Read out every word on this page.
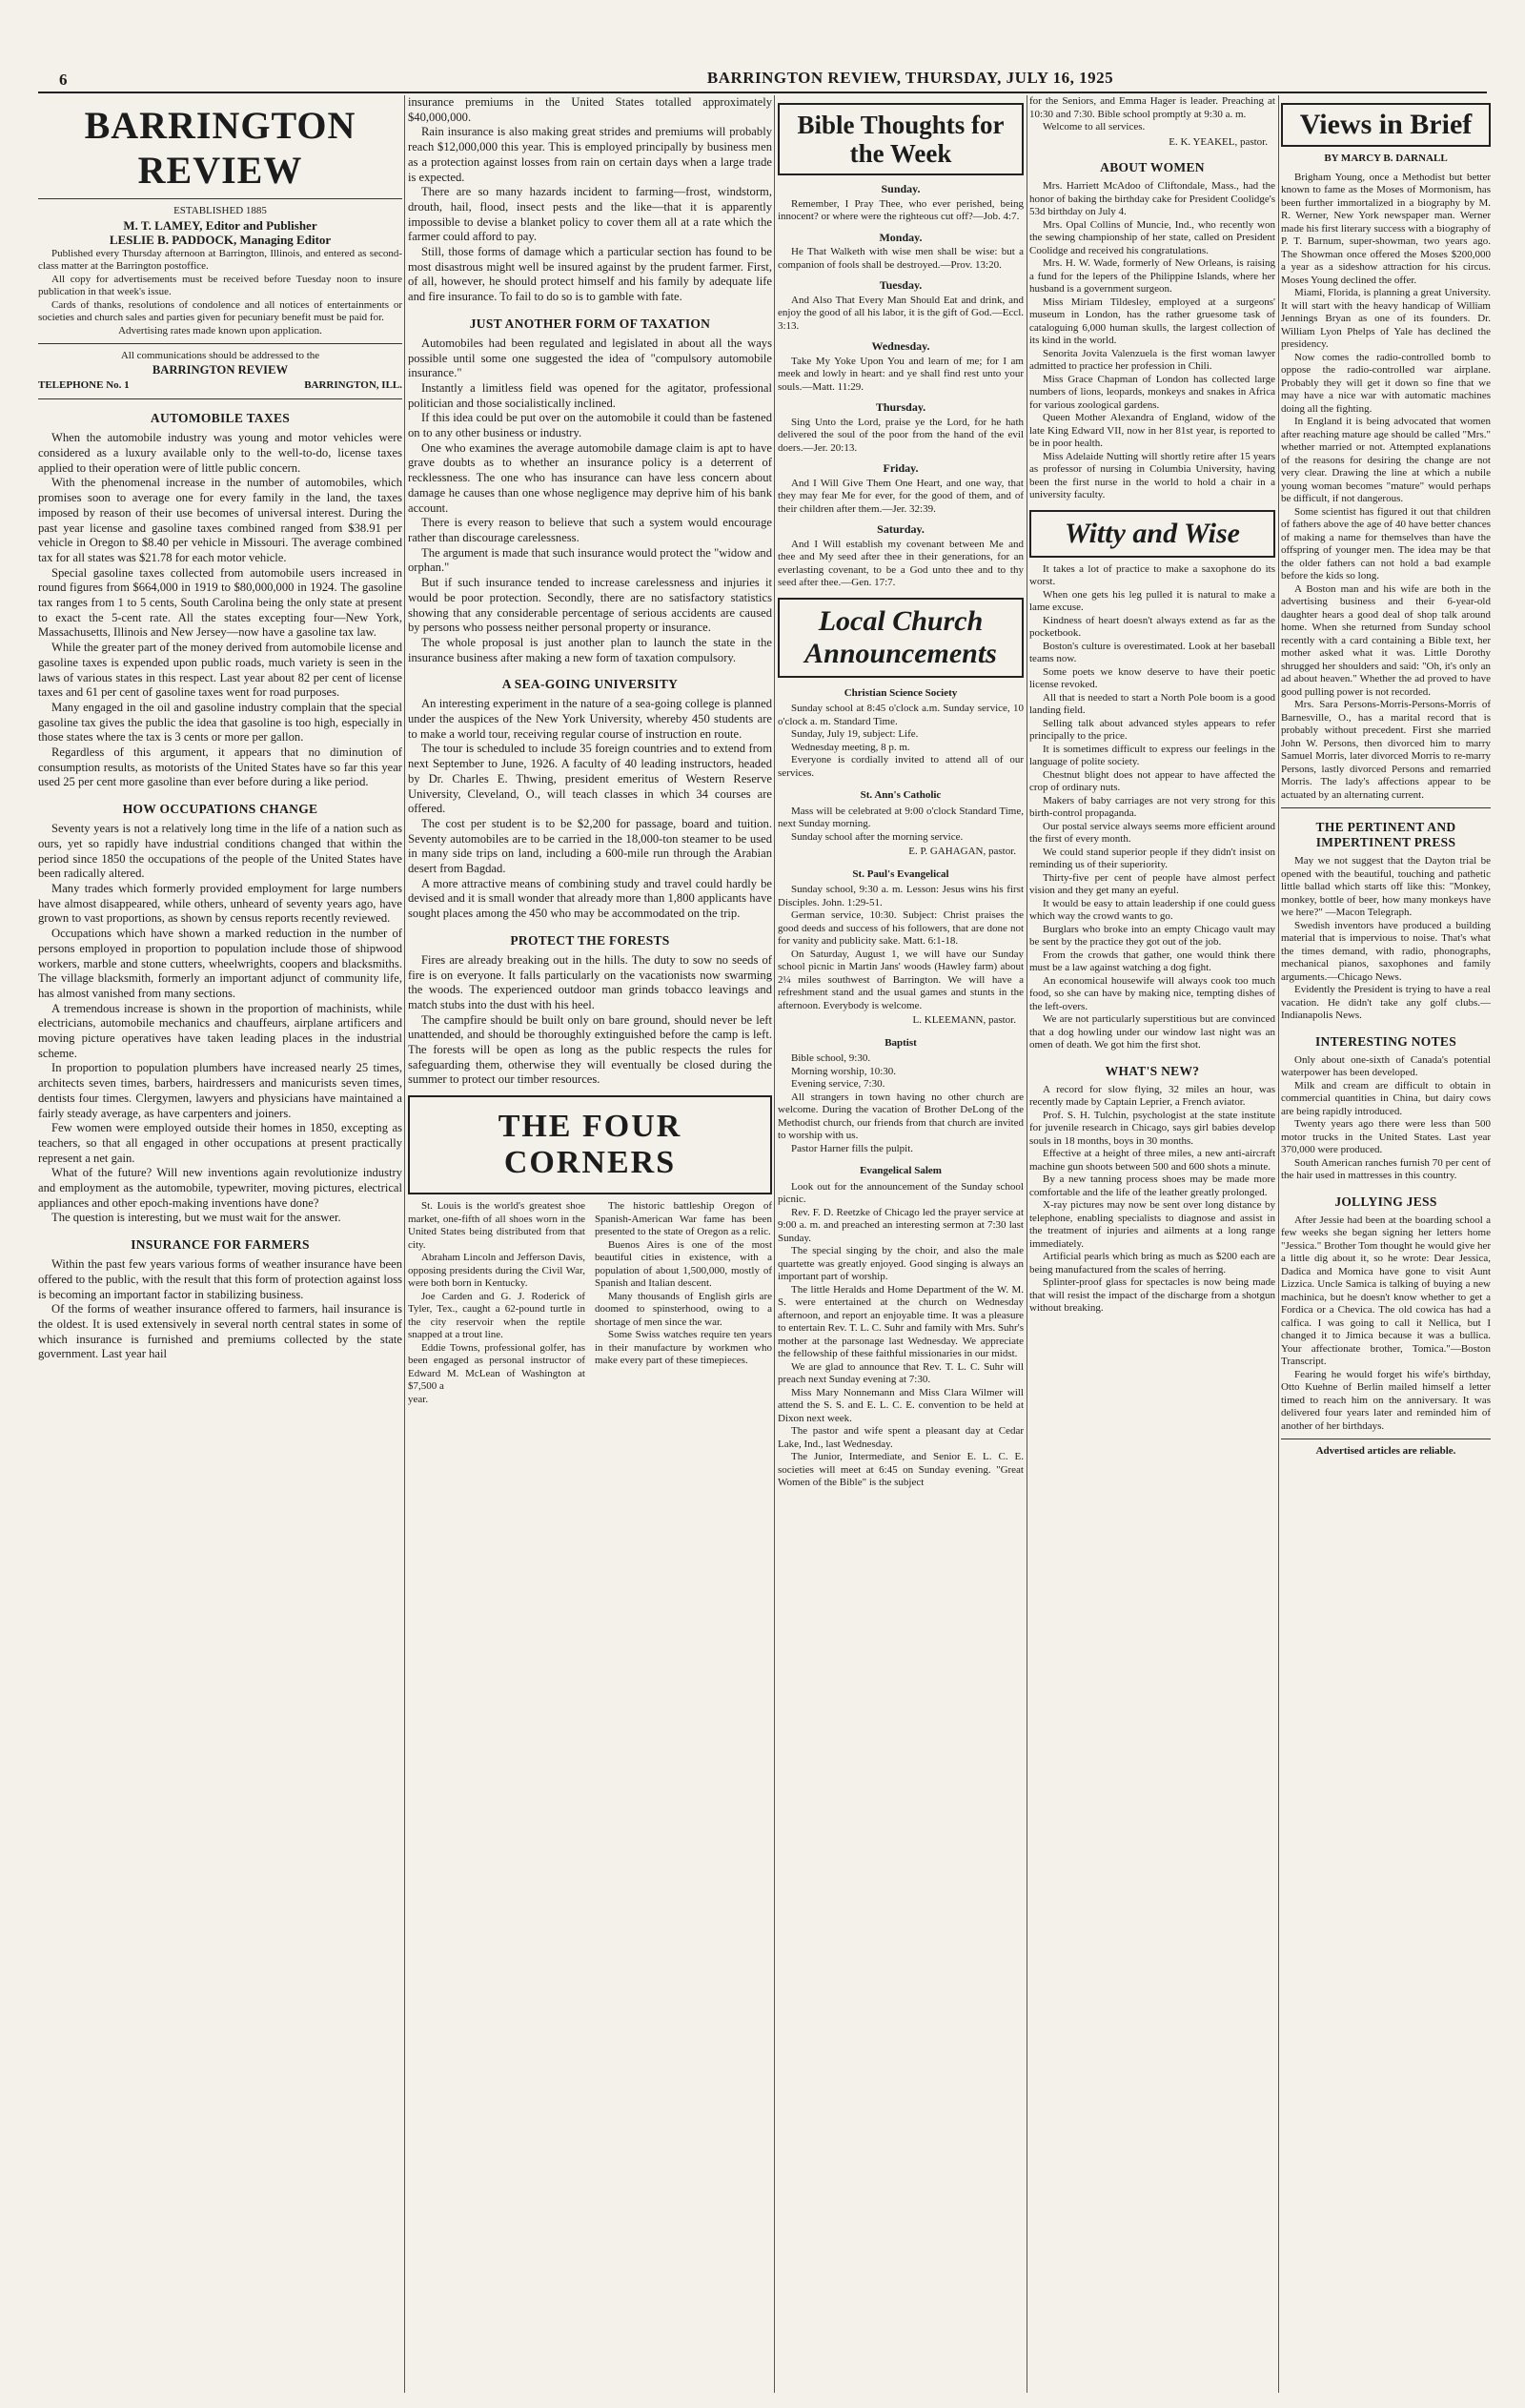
6	BARRINGTON REVIEW, THURSDAY, JULY 16, 1925
BARRINGTON REVIEW
ESTABLISHED 1885
M. T. LAMEY, Editor and Publisher
LESLIE B. PADDOCK, Managing Editor

Published every Thursday afternoon at Barrington, Illinois, and entered as second-class matter at the Barrington postoffice.

All copy for advertisements must be received before Tuesday noon to insure publication in that week's issue.

Cards of thanks, resolutions of condolence and all notices of entertainments or societies and church sales and parties given for pecuniary benefit must be paid for.

Advertising rates made known upon application.
All communications should be addressed to the
BARRINGTON REVIEW
TELEPHONE No. 1	BARRINGTON, ILL.
AUTOMOBILE TAXES

When the automobile industry was young and motor vehicles were considered as a luxury available only to the well-to-do, license taxes applied to their operation were of little public concern.

With the phenomenal increase in the number of automobiles, which promises soon to average one for every family in the land, the taxes imposed by reason of their use becomes of universal interest. During the past year license and gasoline taxes combined ranged from $38.91 per vehicle in Oregon to $8.40 per vehicle in Missouri. The average combined tax for all states was $21.78 for each motor vehicle.

Special gasoline taxes collected from automobile users increased in round figures from $664,000 in 1919 to $80,000,000 in 1924. The gasoline tax ranges from 1 to 5 cents, South Carolina being the only state at present to exact the 5-cent rate. All the states excepting four—New York, Massachusetts, Illinois and New Jersey—now have a gasoline tax law.

While the greater part of the money derived from automobile license and gasoline taxes is expended upon public roads, much variety is seen in the laws of various states in this respect. Last year about 82 per cent of license taxes and 61 per cent of gasoline taxes went for road purposes.

Many engaged in the oil and gasoline industry complain that the special gasoline tax gives the public the idea that gasoline is too high, especially in those states where the tax is 3 cents or more per gallon.

Regardless of this argument, it appears that no diminution of consumption results, as motorists of the United States have so far this year used 25 per cent more gasoline than ever before during a like period.

HOW OCCUPATIONS CHANGE

Seventy years is not a relatively long time in the life of a nation such as ours, yet so rapidly have industrial conditions changed that within the period since 1850 the occupations of the people of the United States have been radically altered.

Many trades which formerly provided employment for large numbers have almost disappeared, while others, unheard of seventy years ago, have grown to vast proportions, as shown by census reports recently reviewed.

Occupations which have shown a marked reduction in the number of persons employed in proportion to population include those of shipwood workers, marble and stone cutters, wheelwrights, coopers and blacksmiths. The village blacksmith, formerly an important adjunct of community life, has almost vanished from many sections.

A tremendous increase is shown in the proportion of machinists, while electricians, automobile mechanics and chauffeurs, airplane artificers and moving picture operatives have taken leading places in the industrial scheme.

In proportion to population plumbers have increased nearly 25 times, architects seven times, barbers, hairdressers and manicurists seven times, dentists four times. Clergymen, lawyers and physicians have maintained a fairly steady average, as have carpenters and joiners.

Few women were employed outside their homes in 1850, excepting as teachers, so that all engaged in other occupations at present practically represent a net gain.

What of the future? Will new inventions again revolutionize industry and employment as the automobile, typewriter, moving pictures, electrical appliances and other epoch-making inventions have done?

The question is interesting, but we must wait for the answer.

INSURANCE FOR FARMERS

Within the past few years various forms of weather insurance have been offered to the public, with the result that this form of protection against loss is becoming an important factor in stabilizing business.

Of the forms of weather insurance offered to farmers, hail insurance is the oldest. It is used extensively in several north central states in some of which insurance is furnished and premiums collected by the state government. Last year hail

insurance premiums in the United States totalled approximately $40,000,000.

Rain insurance is also making great strides and premiums will probably reach $12,000,000 this year. This is employed principally by business men as a protection against losses from rain on certain days when a large trade is expected.

There are so many hazards incident to farming—frost, windstorm, drouth, hail, flood, insect pests and the like—that it is apparently impossible to devise a blanket policy to cover them all at a rate which the farmer could afford to pay.

Still, those forms of damage which a particular section has found to be most disastrous might well be insured against by the prudent farmer. First, of all, however, he should protect himself and his family by adequate life and fire insurance. To fail to do so is to gamble with fate.

JUST ANOTHER FORM OF TAXATION

Automobiles had been regulated and legislated in about all the ways possible until some one suggested the idea of "compulsory automobile insurance."

Instantly a limitless field was opened for the agitator, professional politician and those socialistically inclined.

If this idea could be put over on the automobile it could than be fastened on to any other business or industry.

One who examines the average automobile damage claim is apt to have grave doubts as to whether an insurance policy is a deterrent of recklessness. The one who has insurance can have less concern about damage he causes than one whose negligence may deprive him of his bank account.

There is every reason to believe that such a system would encourage rather than discourage carelessness.

The argument is made that such insurance would protect the "widow and orphan."

But if such insurance tended to increase carelessness and injuries it would be poor protection. Secondly, there are no satisfactory statistics showing that any considerable percentage of serious accidents are caused by persons who possess neither personal property or insurance.

The whole proposal is just another plan to launch the state in the insurance business after making a new form of taxation compulsory.

A SEA-GOING UNIVERSITY

An interesting experiment in the nature of a sea-going college is planned under the auspices of the New York University, whereby 450 students are to make a world tour, receiving regular course of instruction en route.

The tour is scheduled to include 35 foreign countries and to extend from next September to June, 1926. A faculty of 40 leading instructors, headed by Dr. Charles E. Thwing, president emeritus of Western Reserve University, Cleveland, O., will teach classes in which 34 courses are offered.

The cost per student is to be $2,200 for passage, board and tuition. Seventy automobiles are to be carried in the 18,000-ton steamer to be used in many side trips on land, including a 600-mile run through the Arabian desert from Bagdad.

A more attractive means of combining study and travel could hardly be devised and it is small wonder that already more than 1,800 applicants have sought places among the 450 who may be accommodated on the trip.

PROTECT THE FORESTS

Fires are already breaking out in the hills. The duty to sow no seeds of fire is on everyone. It falls particularly on the vacationists now swarming the woods. The experienced outdoor man grinds tobacco leavings and match stubs into the dust with his heel.

The campfire should be built only on bare ground, should never be left unattended, and should be thoroughly extinguished before the camp is left. The forests will be open as long as the public respects the rules for safeguarding them, otherwise they will eventually be closed during the summer to protect our timber resources.

THE FOUR CORNERS

St. Louis is the world's greatest shoe market, one-fifth of all shoes worn in the United States being distributed from that city.

Abraham Lincoln and Jefferson Davis, opposing presidents during the Civil War, were both born in Kentucky.

Joe Carden and G. J. Roderick of Tyler, Tex., caught a 62-pound turtle in the city reservoir when the reptile snapped at a trout line.

Eddie Towns, professional golfer, has been engaged as personal instructor of Edward M. McLean of Washington at $7,500 a

year.

The historic battleship Oregon of Spanish-American War fame has been presented to the state of Oregon as a relic.

Buenos Aires is one of the most beautiful cities in existence, with a population of about 1,500,000, mostly of Spanish and Italian descent.

Many thousands of English girls are doomed to spinsterhood, owing to a shortage of men since the war.

Some Swiss watches require ten years in their manufacture by workmen who make every part of these timepieces.

Bible Thoughts for the Week
Sunday.

Remember, I Pray Thee, who ever perished, being innocent? or where were the righteous cut off?—Job. 4:7.

Monday.

He That Walketh with wise men shall be wise: but a companion of fools shall be destroyed.—Prov. 13:20.

Tuesday.

And Also That Every Man Should Eat and drink, and enjoy the good of all his labor, it is the gift of God.—Eccl. 3:13.

Wednesday.

Take My Yoke Upon You and learn of me; for I am meek and lowly in heart: and ye shall find rest unto your souls.—Matt. 11:29.

Thursday.

Sing Unto the Lord, praise ye the Lord, for he hath delivered the soul of the poor from the hand of the evil doers.—Jer. 20:13.

Friday.

And I Will Give Them One Heart, and one way, that they may fear Me for ever, for the good of them, and of their children after them.—Jer. 32:39.

Saturday.

And I Will establish my covenant between Me and thee and My seed after thee in their generations, for an everlasting covenant, to be a God unto thee and to thy seed after thee.—Gen. 17:7.

Local Church Announcements
Christian Science Society

Sunday school at 8:45 o'clock a.m. Sunday service, 10 o'clock a. m. Standard Time.

Sunday, July 19, subject: Life.

Wednesday meeting, 8 p. m.

Everyone is cordially invited to attend all of our services.

St. Ann's Catholic

Mass will be celebrated at 9:00 o'clock Standard Time, next Sunday morning.

Sunday school after the morning service.

E. P. GAHAGAN, pastor.
St. Paul's Evangelical

Sunday school, 9:30 a. m. Lesson: Jesus wins his first Disciples. John. 1:29-51.

German service, 10:30. Subject: Christ praises the good deeds and success of his followers, that are done not for vanity and publicity sake. Matt. 6:1-18.

On Saturday, August 1, we will have our Sunday school picnic in Martin Jans' woods (Hawley farm) about 2¼ miles southwest of Barrington. We will have a refreshment stand and the usual games and stunts in the afternoon. Everybody is welcome.

L. KLEEMANN, pastor.
Baptist

Bible school, 9:30.

Morning worship, 10:30.

Evening service, 7:30.

All strangers in town having no other church are welcome. During the vacation of Brother DeLong of the Methodist church, our friends from that church are invited to worship with us.

Pastor Harner fills the pulpit.

Evangelical Salem

Look out for the announcement of the Sunday school picnic.

Rev. F. D. Reetzke of Chicago led the prayer service at 9:00 a. m. and preached an interesting sermon at 7:30 last Sunday.

The special singing by the choir, and also the male quartette was greatly enjoyed. Good singing is always an important part of worship.

The little Heralds and Home Department of the W. M. S. were entertained at the church on Wednesday afternoon, and report an enjoyable time. It was a pleasure to entertain Rev. T. L. C. Suhr and family with Mrs. Suhr's mother at the parsonage last Wednesday. We appreciate the fellowship of these faithful missionaries in our midst.

We are glad to announce that Rev. T. L. C. Suhr will preach next Sunday evening at 7:30.

Miss Mary Nonnemann and Miss Clara Wilmer will attend the S. S. and E. L. C. E. convention to be held at Dixon next week.

The pastor and wife spent a pleasant day at Cedar Lake, Ind., last Wednesday.

The Junior, Intermediate, and Senior E. L. C. E. societies will meet at 6:45 on Sunday evening. "Great Women of the Bible" is the subject

for the Seniors, and Emma Hager is leader. Preaching at 10:30 and 7:30. Bible school promptly at 9:30 a. m.

Welcome to all services.

E. K. YEAKEL, pastor.
ABOUT WOMEN

Mrs. Harriett McAdoo of Cliftondale, Mass., had the honor of baking the birthday cake for President Coolidge's 53d birthday on July 4.

Mrs. Opal Collins of Muncie, Ind., who recently won the sewing championship of her state, called on President Coolidge and received his congratulations.

Mrs. H. W. Wade, formerly of New Orleans, is raising a fund for the lepers of the Philippine Islands, where her husband is a government surgeon.

Miss Miriam Tildesley, employed at a surgeons' museum in London, has the rather gruesome task of cataloguing 6,000 human skulls, the largest collection of its kind in the world.

Senorita Jovita Valenzuela is the first woman lawyer admitted to practice her profession in Chili.

Miss Grace Chapman of London has collected large numbers of lions, leopards, monkeys and snakes in Africa for various zoological gardens.

Queen Mother Alexandra of England, widow of the late King Edward VII, now in her 81st year, is reported to be in poor health.

Miss Adelaide Nutting will shortly retire after 15 years as professor of nursing in Columbia University, having been the first nurse in the world to hold a chair in a university faculty.

Witty and Wise

It takes a lot of practice to make a saxophone do its worst.

When one gets his leg pulled it is natural to make a lame excuse.

Kindness of heart doesn't always extend as far as the pocketbook.

Boston's culture is overestimated. Look at her baseball teams now.

Some poets we know deserve to have their poetic license revoked.

All that is needed to start a North Pole boom is a good landing field.

Selling talk about advanced styles appears to refer principally to the price.

It is sometimes difficult to express our feelings in the language of polite society.

Chestnut blight does not appear to have affected the crop of ordinary nuts.

Makers of baby carriages are not very strong for this birth-control propaganda.

Our postal service always seems more efficient around the first of every month.

We could stand superior people if they didn't insist on reminding us of their superiority.

Thirty-five per cent of people have almost perfect vision and they get many an eyeful.

It would be easy to attain leadership if one could guess which way the crowd wants to go.

Burglars who broke into an empty Chicago vault may be sent by the practice they got out of the job.

From the crowds that gather, one would think there must be a law against watching a dog fight.

An economical housewife will always cook too much food, so she can have by making nice, tempting dishes of the left-overs.

We are not particularly superstitious but are convinced that a dog howling under our window last night was an omen of death. We got him the first shot.

WHAT'S NEW?

A record for slow flying, 32 miles an hour, was recently made by Captain Leprier, a French aviator.

Prof. S. H. Tulchin, psychologist at the state institute for juvenile research in Chicago, says girl babies develop souls in 18 months, boys in 30 months.

Effective at a height of three miles, a new anti-aircraft machine gun shoots between 500 and 600 shots a minute.

By a new tanning process shoes may be made more comfortable and the life of the leather greatly prolonged.

X-ray pictures may now be sent over long distance by telephone, enabling specialists to diagnose and assist in the treatment of injuries and ailments at a long range immediately.

Artificial pearls which bring as much as $200 each are being manufactured from the scales of herring.

Splinter-proof glass for spectacles is now being made that will resist the impact of the discharge from a shotgun without breaking.

Views in Brief
BY MARCY B. DARNALL

Brigham Young, once a Methodist but better known to fame as the Moses of Mormonism, has been further immortalized in a biography by M. R. Werner, New York newspaper man. Werner made his first literary success with a biography of P. T. Barnum, super-showman, two years ago. The Showman once offered the Moses $200,000 a year as a sideshow attraction for his circus. Moses Young declined the offer.

Miami, Florida, is planning a great University. It will start with the heavy handicap of William Jennings Bryan as one of its founders. Dr. William Lyon Phelps of Yale has declined the presidency.

Now comes the radio-controlled bomb to oppose the radio-controlled war airplane. Probably they will get it down so fine that we may have a nice war with automatic machines doing all the fighting.

In England it is being advocated that women after reaching mature age should be called "Mrs." whether married or not. Attempted explanations of the reasons for desiring the change are not very clear. Drawing the line at which a nubile young woman becomes "mature" would perhaps be difficult, if not dangerous.

Some scientist has figured it out that children of fathers above the age of 40 have better chances of making a name for themselves than have the offspring of younger men. The idea may be that the older fathers can not hold a bad example before the kids so long.

A Boston man and his wife are both in the advertising business and their 6-year-old daughter hears a good deal of shop talk around home. When she returned from Sunday school recently with a card containing a Bible text, her mother asked what it was. Little Dorothy shrugged her shoulders and said: "Oh, it's only an ad about heaven." Whether the ad proved to have good pulling power is not recorded.

Mrs. Sara Persons-Morris-Persons-Morris of Barnesville, O., has a marital record that is probably without precedent. First she married John W. Persons, then divorced him to marry Samuel Morris, later divorced Morris to re-marry Persons, lastly divorced Persons and remarried Morris. The lady's affections appear to be actuated by an alternating current.

THE PERTINENT AND IMPERTINENT PRESS

May we not suggest that the Dayton trial be opened with the beautiful, touching and pathetic little ballad which starts off like this: "Monkey, monkey, bottle of beer, how many monkeys have we here?" —Macon Telegraph.

Swedish inventors have produced a building material that is impervious to noise. That's what the times demand, with radio, phonographs, mechanical pianos, saxophones and family arguments.—Chicago News.

Evidently the President is trying to have a real vacation. He didn't take any golf clubs.—Indianapolis News.

INTERESTING NOTES

Only about one-sixth of Canada's potential waterpower has been developed.

Milk and cream are difficult to obtain in commercial quantities in China, but dairy cows are being rapidly introduced.

Twenty years ago there were less than 500 motor trucks in the United States. Last year 370,000 were produced.

South American ranches furnish 70 per cent of the hair used in mattresses in this country.

JOLLYING JESS

After Jessie had been at the boarding school a few weeks she began signing her letters home "Jessica." Brother Tom thought he would give her a little dig about it, so he wrote: Dear Jessica, Dadica and Momica have gone to visit Aunt Lizzica. Uncle Samica is talking of buying a new machinica, but he doesn't know whether to get a Fordica or a Chevica. The old cowica has had a calfica. I was going to call it Nellica, but I changed it to Jimica because it was a bullica. Your affectionate brother, Tomica."—Boston Transcript.

Fearing he would forget his wife's birthday, Otto Kuehne of Berlin mailed himself a letter timed to reach him on the anniversary. It was delivered four years later and reminded him of another of her birthdays.

Advertised articles are reliable.
